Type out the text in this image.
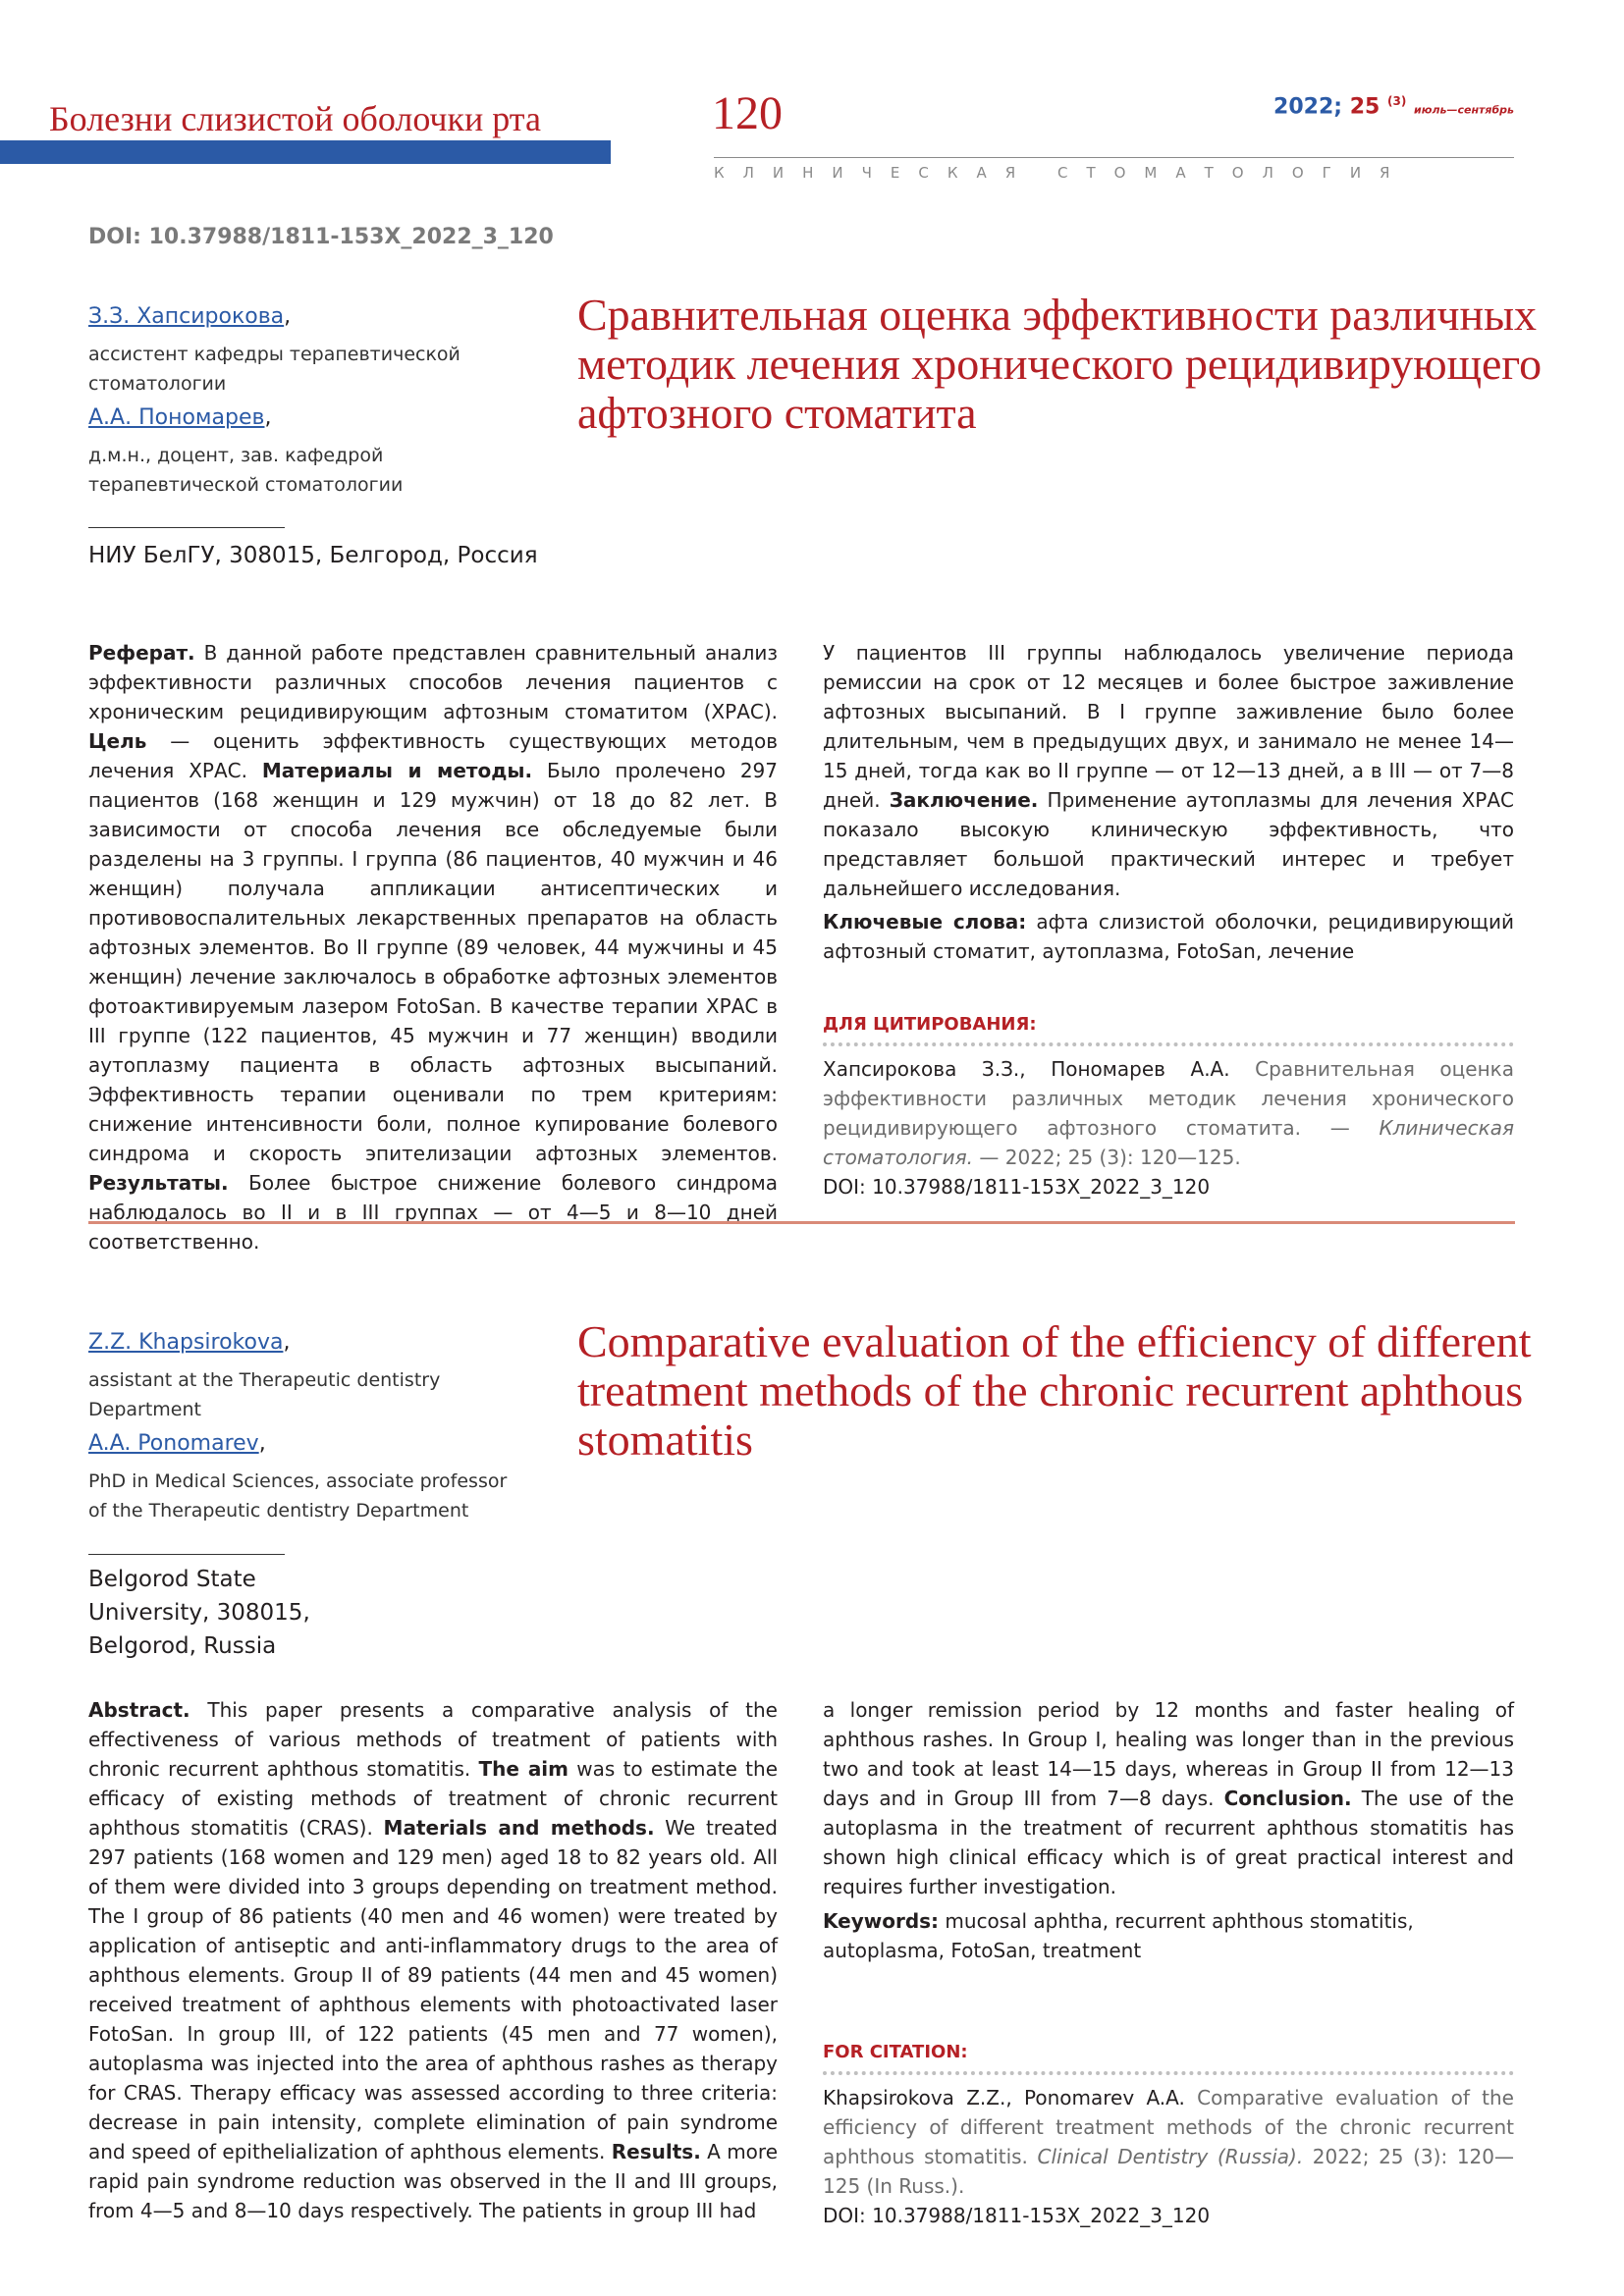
Болезни слизистой оболочки рта	120	2022; 25 $^{(3)}$ июль—сентябрь
КЛИНИЧЕСКАЯ СТОМАТОЛОГИЯ
DOI: 10.37988/1811-153X_2022_3_120
З.З. Хапсирокова,
ассистент кафедры терапевтической стоматологии
А.А. Пономарев,
д.м.н., доцент, зав. кафедрой терапевтической стоматологии
НИУ БелГУ, 308015, Белгород, Россия
Сравнительная оценка эффективности различных методик лечения хронического рецидивирующего афтозного стоматита
Реферат. В данной работе представлен сравнительный анализ эффективности различных способов лечения пациентов с хроническим рецидивирующим афтозным стоматитом (ХРАС). Цель — оценить эффективность существующих методов лечения ХРАС. Материалы и методы. Было пролечено 297 пациентов (168 женщин и 129 мужчин) от 18 до 82 лет. В зависимости от способа лечения все обследуемые были разделены на 3 группы. I группа (86 пациентов, 40 мужчин и 46 женщин) получала аппликации антисептических и противовоспалительных лекарственных препаратов на область афтозных элементов. Во II группе (89 человек, 44 мужчины и 45 женщин) лечение заключалось в обработке афтозных элементов фотоактивируемым лазером FotoSan. В качестве терапии ХРАС в III группе (122 пациентов, 45 мужчин и 77 женщин) вводили аутоплазму пациента в область афтозных высыпаний. Эффективность терапии оценивали по трем критериям: снижение интенсивности боли, полное купирование болевого синдрома и скорость эпителизации афтозных элементов. Результаты. Более быстрое снижение болевого синдрома наблюдалось во II и в III группах — от 4—5 и 8—10 дней соответственно.
У пациентов III группы наблюдалось увеличение периода ремиссии на срок от 12 месяцев и более быстрое заживление афтозных высыпаний. В I группе заживление было более длительным, чем в предыдущих двух, и занимало не менее 14—15 дней, тогда как во II группе — от 12—13 дней, а в III — от 7—8 дней. Заключение. Применение аутоплазмы для лечения ХРАС показало высокую клиническую эффективность, что представляет большой практический интерес и требует дальнейшего исследования.
Ключевые слова: афта слизистой оболочки, рецидивирующий афтозный стоматит, аутоплазма, FotoSan, лечение
ДЛЯ ЦИТИРОВАНИЯ:
Хапсирокова З.З., Пономарев А.А. Сравнительная оценка эффективности различных методик лечения хронического рецидивирующего афтозного стоматита. — Клиническая стоматология. — 2022; 25 (3): 120—125.
DOI: 10.37988/1811-153X_2022_3_120
Z.Z. Khapsirokova,
assistant at the Therapeutic dentistry Department
A.A. Ponomarev,
PhD in Medical Sciences, associate professor of the Therapeutic dentistry Department
Belgorod State University, 308015, Belgorod, Russia
Comparative evaluation of the efficiency of different treatment methods of the chronic recurrent aphthous stomatitis
Abstract. This paper presents a comparative analysis of the effectiveness of various methods of treatment of patients with chronic recurrent aphthous stomatitis. The aim was to estimate the efficacy of existing methods of treatment of chronic recurrent aphthous stomatitis (CRAS). Materials and methods. We treated 297 patients (168 women and 129 men) aged 18 to 82 years old. All of them were divided into 3 groups depending on treatment method. The I group of 86 patients (40 men and 46 women) were treated by application of antiseptic and anti-inflammatory drugs to the area of aphthous elements. Group II of 89 patients (44 men and 45 women) received treatment of aphthous elements with photoactivated laser FotoSan. In group III, of 122 patients (45 men and 77 women), autoplasma was injected into the area of aphthous rashes as therapy for CRAS. Therapy efficacy was assessed according to three criteria: decrease in pain intensity, complete elimination of pain syndrome and speed of epithelialization of aphthous elements. Results. A more rapid pain syndrome reduction was observed in the II and III groups, from 4—5 and 8—10 days respectively. The patients in group III had
a longer remission period by 12 months and faster healing of aphthous rashes. In Group I, healing was longer than in the previous two and took at least 14—15 days, whereas in Group II from 12—13 days and in Group III from 7—8 days. Conclusion. The use of the autoplasma in the treatment of recurrent aphthous stomatitis has shown high clinical efficacy which is of great practical interest and requires further investigation.
Keywords: mucosal aphtha, recurrent aphthous stomatitis, autoplasma, FotoSan, treatment
FOR CITATION:
Khapsirokova Z.Z., Ponomarev A.A. Comparative evaluation of the efficiency of different treatment methods of the chronic recurrent aphthous stomatitis. Clinical Dentistry (Russia). 2022; 25 (3): 120—125 (In Russ.).
DOI: 10.37988/1811-153X_2022_3_120
